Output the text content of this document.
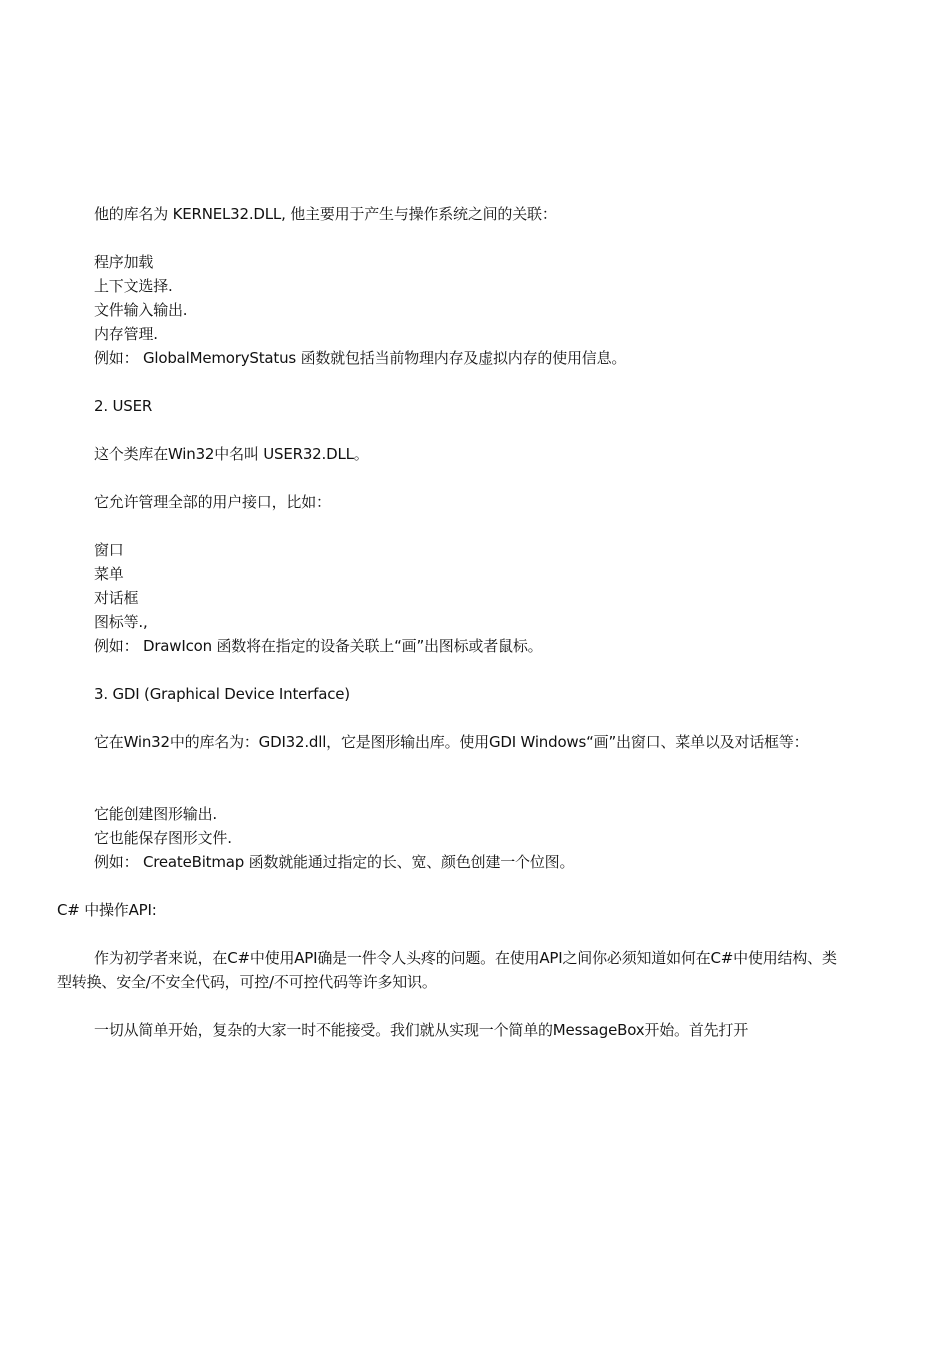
他的库名为 KERNEL32.DLL, 他主要用于产生与操作系统之间的关联：
程序加载
上下文选择.
文件输入输出.
内存管理.
例如： GlobalMemoryStatus 函数就包括当前物理内存及虚拟内存的使用信息。
2. USER
这个类库在Win32中名叫 USER32.DLL。
它允许管理全部的用户接口，比如：
窗口
菜单
对话框
图标等.,
例如： DrawIcon 函数将在指定的设备关联上“画”出图标或者鼠标。
3. GDI (Graphical Device Interface)
它在Win32中的库名为：GDI32.dll，它是图形输出库。使用GDI Windows“画”出窗口、菜单以及对话框等：
它能创建图形输出.
它也能保存图形文件.
例如： CreateBitmap 函数就能通过指定的长、宽、颜色创建一个位图。
C# 中操作API:
作为初学者来说，在C#中使用API确是一件令人头疼的问题。在使用API之间你必须知道如何在C#中使用结构、类型转换、安全/不安全代码，可控/不可控代码等许多知识。
一切从简单开始，复杂的大家一时不能接受。我们就从实现一个简单的MessageBox开始。首先打开
